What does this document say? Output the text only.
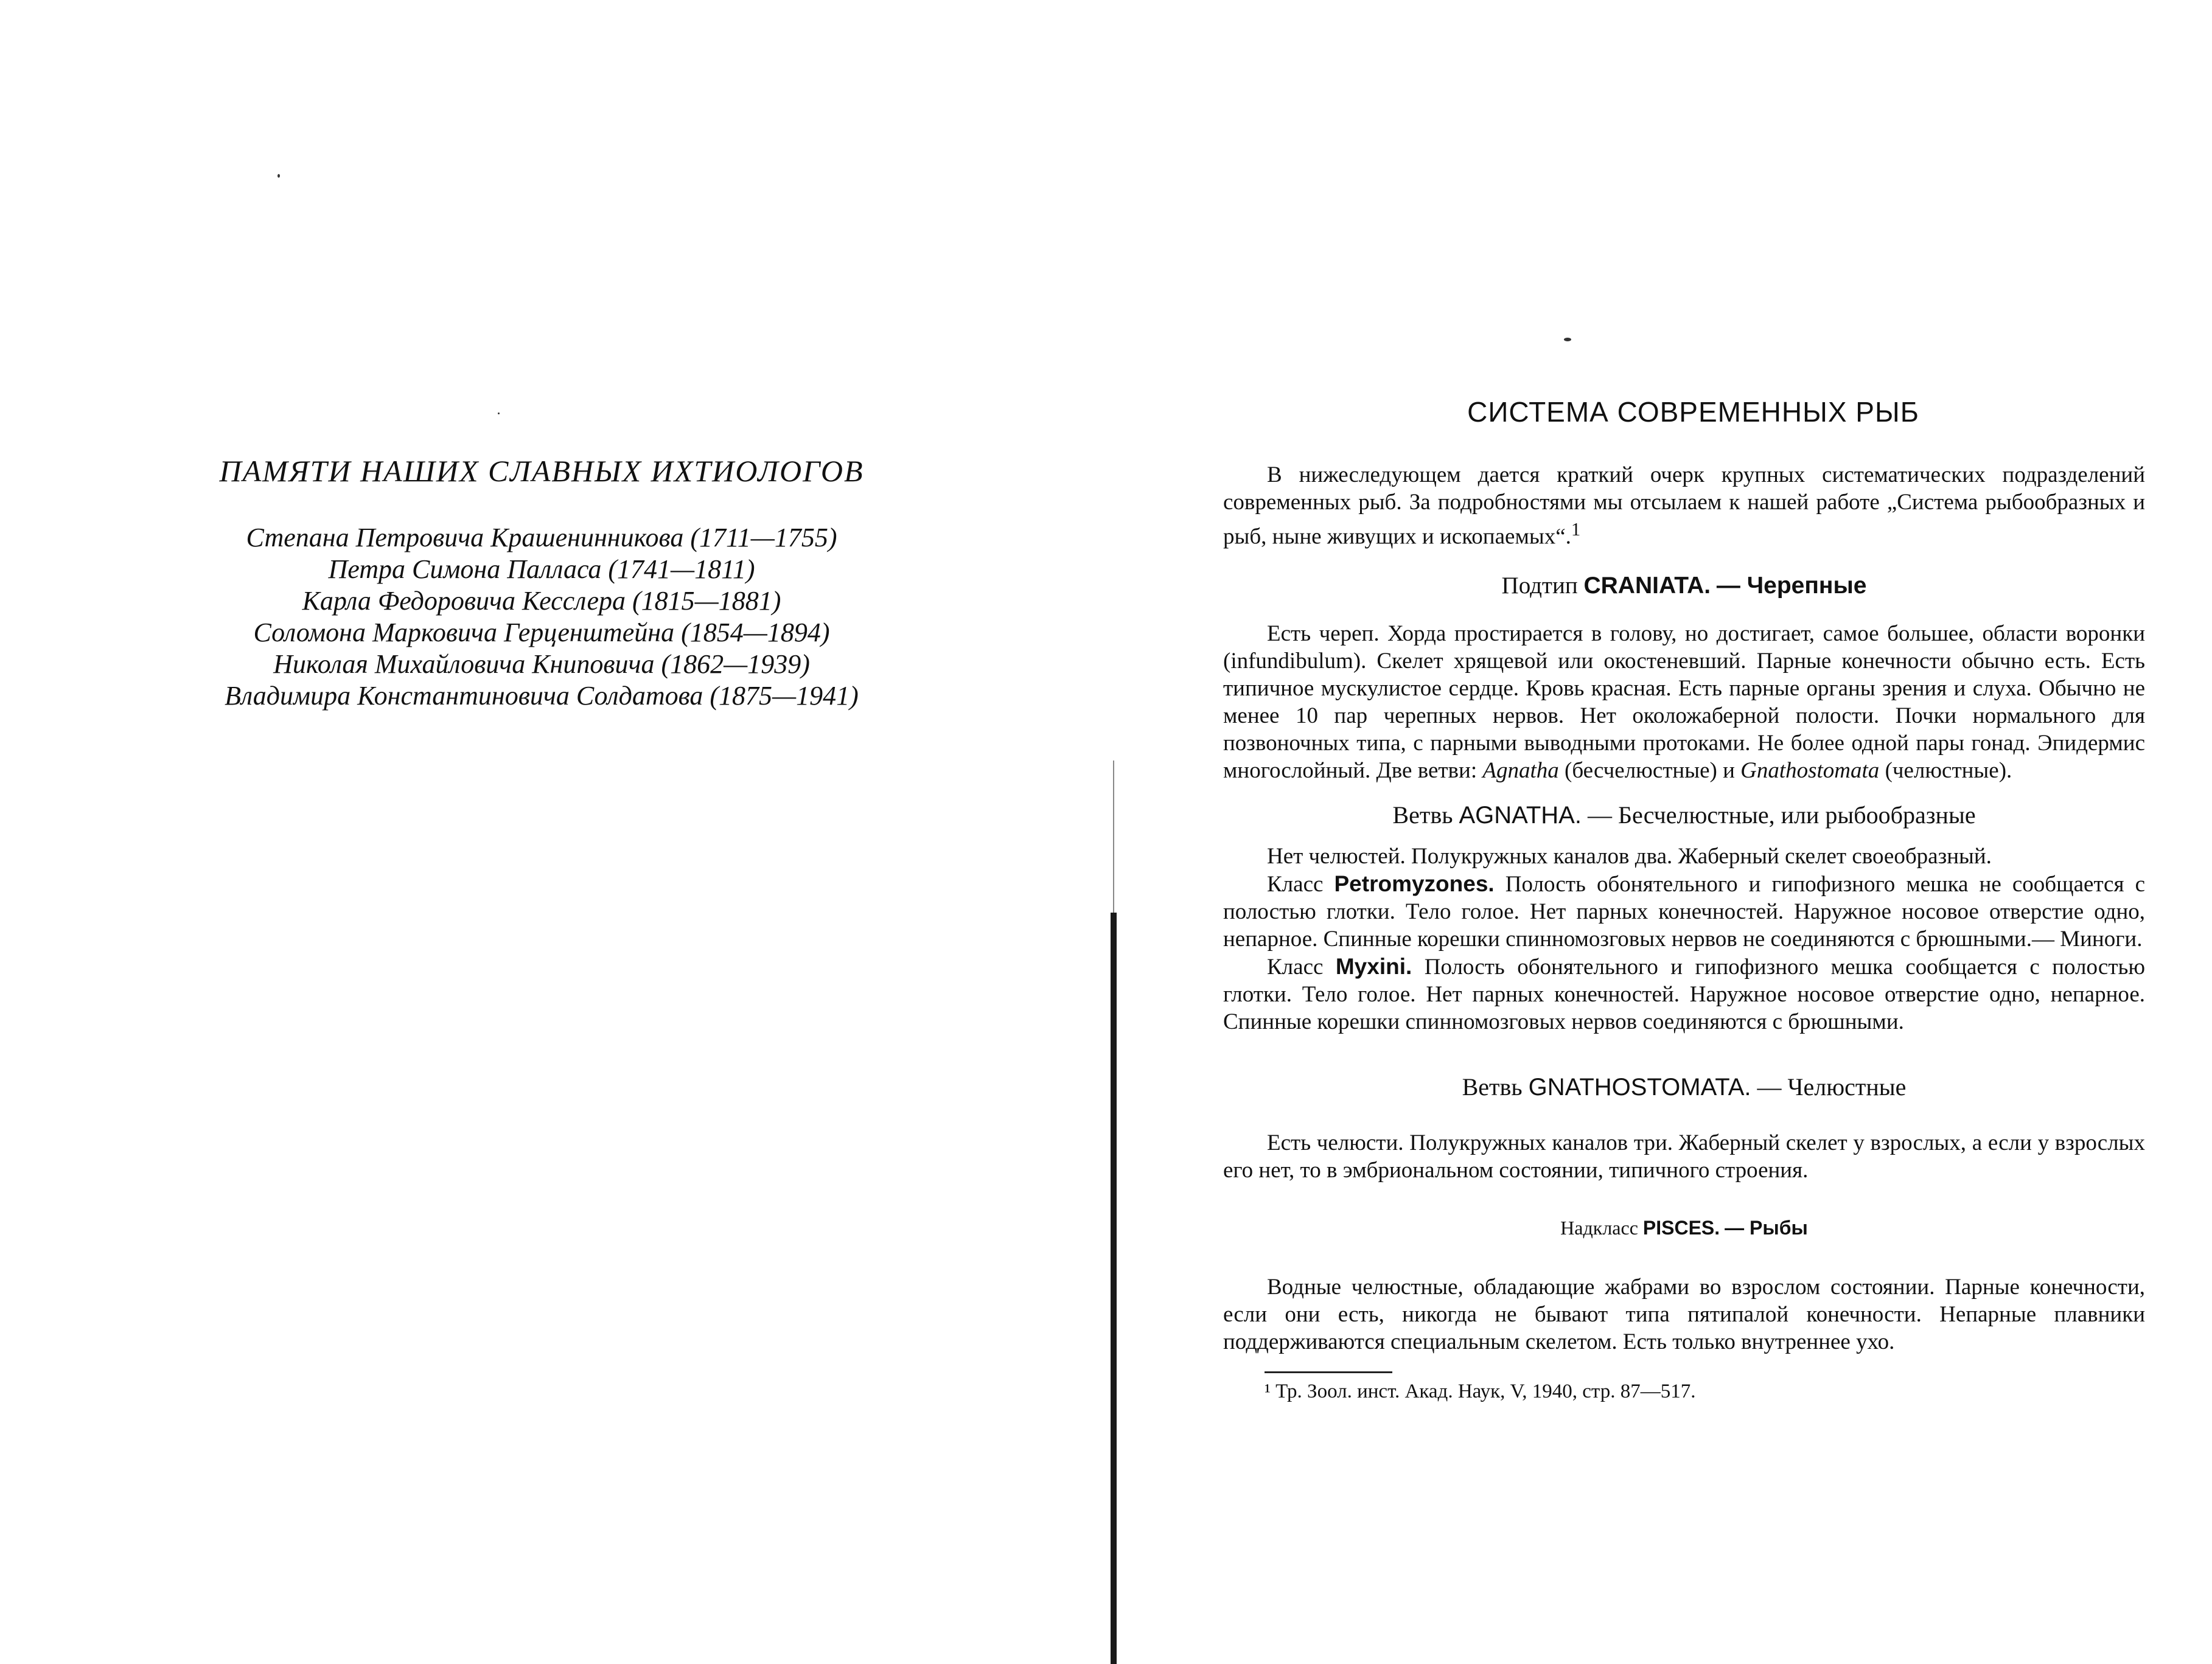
ПАМЯТИ НАШИХ СЛАВНЫХ ИХТИОЛОГОВ

Степана Петровича Крашенинникова (1711—1755)

Петра Симона Палласа (1741—1811)

Карла Федоровича Кесслера (1815—1881)

Соломона Марковича Герценштейна (1854—1894)

Николая Михайловича Книповича (1862—1939)

Владимира Константиновича Солдатова (1875—1941)

СИСТЕМА СОВРЕМЕННЫХ РЫБ

В нижеследующем дается краткий очерк крупных систематических подразделений современных рыб. За подробностями мы отсылаем к нашей работе „Система рыбообразных и рыб, ныне живущих и ископаемых“.$^1$

Подтип CRANIATA. — Черепные

Есть череп. Хорда простирается в голову, но достигает, самое большее, области воронки (infundibulum). Скелет хрящевой или окостеневший. Парные конечности обычно есть. Есть типичное мускулистое сердце. Кровь красная. Есть парные органы зрения и слуха. Обычно не менее 10 пар черепных нервов. Нет околожаберной полости. Почки нормального для позвоночных типа, с парными выводными протоками. Не более одной пары гонад. Эпидермис многослойный. Две ветви: Agnatha (бесчелюстные) и Gnathostomata (челюстные).

Ветвь AGNATHA. — Бесчелюстные, или рыбообразные

Нет челюстей. Полукружных каналов два. Жаберный скелет своеобразный.

Класс Petromyzones. Полость обонятельного и гипофизного мешка не сообщается с полостью глотки. Тело голое. Нет парных конечностей. Наружное носовое отверстие одно, непарное. Спинные корешки спинномозговых нервов не соединяются с брюшными.— Миноги.

Класс Myxini. Полость обонятельного и гипофизного мешка сообщается с полостью глотки. Тело голое. Нет парных конечностей. Наружное носовое отверстие одно, непарное. Спинные корешки спинномозговых нервов соединяются с брюшными.

Ветвь GNATHOSTOMATA. — Челюстные

Есть челюсти. Полукружных каналов три. Жаберный скелет у взрослых, а если у взрослых его нет, то в эмбриональном состоянии, типичного строения.

Надкласс PISCES. — Рыбы

Водные челюстные, обладающие жабрами во взрослом состоянии. Парные конечности, если они есть, никогда не бывают типа пятипалой конечности. Непарные плавники поддерживаются специальным скелетом. Есть только внутреннее ухо.

¹ Тр. Зоол. инст. Акад. Наук, V, 1940, стр. 87—517.
